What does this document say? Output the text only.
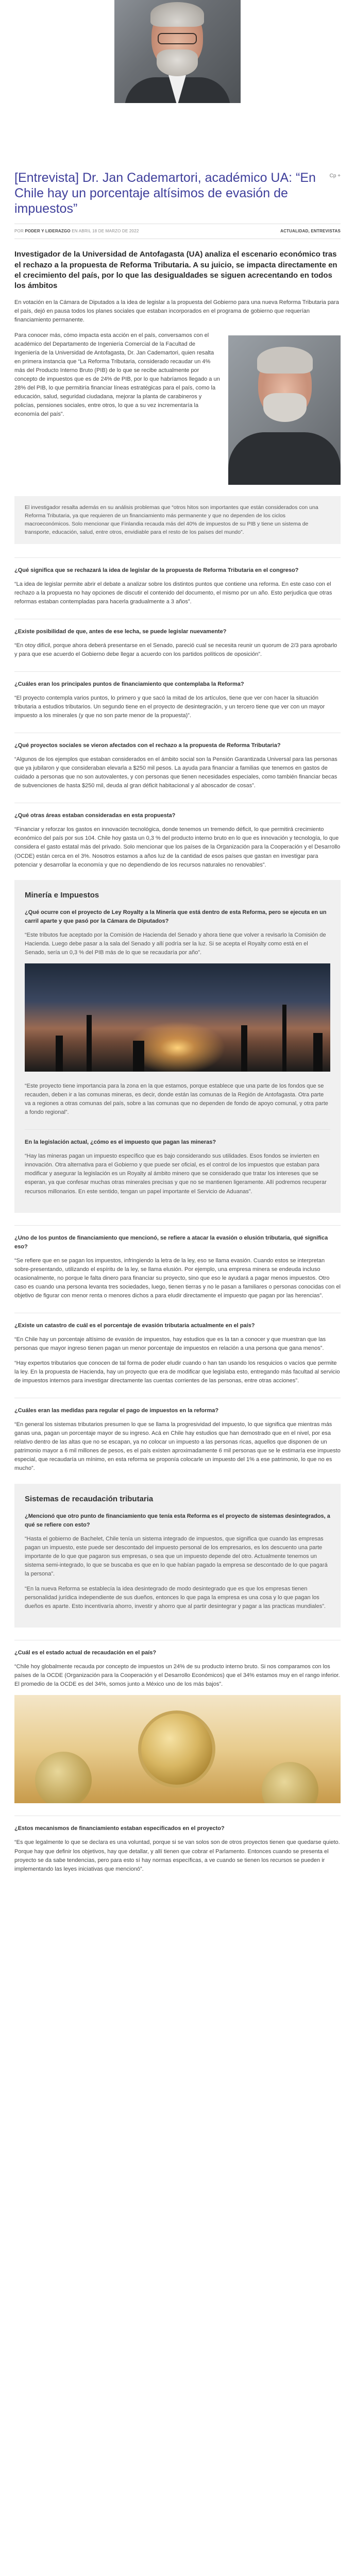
[Entrevista] Dr. Jan Cademartori, académico UA: “En Chile hay un porcentaje altísimos de evasión de impuestos”
Cp +
POR PODER Y LIDERAZGO EN ABRIL 18 DE MARZO DE 2022	ACTUALIDAD, ENTREVISTAS

Investigador de la Universidad de Antofagasta (UA) analiza el escenario económico tras el rechazo a la propuesta de Reforma Tributaria. A su juicio, se impacta directamente en el crecimiento del país, por lo que las desigualdades se siguen acrecentando en todos los ámbitos

En votación en la Cámara de Diputados a la idea de legislar a la propuesta del Gobierno para una nueva Reforma Tributaria para el país, dejó en pausa todos los planes sociales que estaban incorporados en el programa de gobierno que requerían financiamiento permanente.

Para conocer más, cómo impacta esta acción en el país, conversamos con el académico del Departamento de Ingeniería Comercial de la Facultad de Ingeniería de la Universidad de Antofagasta, Dr. Jan Cademartori, quien resalta en primera instancia que “La Reforma Tributaria, considerado recaudar un 4% más del Producto Interno Bruto (PIB) de lo que se recibe actualmente por concepto de impuestos que es de 24% de PIB, por lo que habríamos llegado a un 28% del PIB, lo que permitiría financiar líneas estratégicas para el país, como la educación, salud, seguridad ciudadana, mejorar la planta de carabineros y policías, pensiones sociales, entre otros, lo que a su vez incrementaría la economía del país”.

El investigador resalta además en su análisis problemas que “otros hitos son importantes que están considerados con una Reforma Tributaria, ya que requieren de un financiamiento más permanente y que no dependen de los ciclos macroeconómicos. Solo mencionar que Finlandia recauda más del 40% de impuestos de su PIB y tiene un sistema de transporte, educación, salud, entre otros, envidiable para el resto de los países del mundo”.

¿Qué significa que se rechazará la idea de legislar de la propuesta de Reforma Tributaria en el congreso?

“La idea de legislar permite abrir el debate a analizar sobre los distintos puntos que contiene una reforma. En este caso con el rechazo a la propuesta no hay opciones de discutir el contenido del documento, el mismo por un año. Esto perjudica que otras reformas estaban contempladas para hacerla gradualmente a 3 años”.

¿Existe posibilidad de que, antes de ese lecha, se puede legislar nuevamente?

“En otoy difícil, porque ahora deberá presentarse en el Senado, pareció cual se necesita reunir un quorum de 2/3 para aprobarlo y para que ese acuerdo el Gobierno debe llegar a acuerdo con los partidos políticos de oposición”.

¿Cuáles eran los principales puntos de financiamiento que contemplaba la Reforma?

“El proyecto contempla varios puntos, lo primero y que sacó la mitad de los artículos, tiene que ver con hacer la situación tributaria a estudios tributarios. Un segundo tiene en el proyecto de desintegración, y un tercero tiene que ver con un mayor impuesto a los minerales (y que no son parte menor de la propuesta)”.

¿Qué proyectos sociales se vieron afectados con el rechazo a la propuesta de Reforma Tributaria?

“Algunos de los ejemplos que estaban considerados en el ámbito social son la Pensión Garantizada Universal para las personas que ya jubilaron y que consideraban elevarla a $250 mil pesos. La ayuda para financiar a familias que tenemos en gastos de cuidado a personas que no son autovalentes, y con personas que tienen necesidades especiales, como también financiar becas de subvenciones de hasta $250 mil, deuda al gran déficit habitacional y al aboscador de cosas”.

¿Qué otras áreas estaban consideradas en esta propuesta?

“Financiar y reforzar los gastos en innovación tecnológica, donde tenemos un tremendo déficit, lo que permitirá crecimiento económico del país por sus 104. Chile hoy gasta un 0,3 % del producto interno bruto en lo que es innovación y tecnología, lo que considera el gasto estatal más del privado. Solo mencionar que los países de la Organización para la Cooperación y el Desarrollo (OCDE) están cerca en el 3%. Nosotros estamos a años luz de la cantidad de esos países que gastan en investigar para potenciar y desarrollar la economía y que no dependiendo de los recursos naturales no renovables”.

Minería e Impuestos

¿Qué ocurre con el proyecto de Ley Royalty a la Minería que está dentro de esta Reforma, pero se ejecuta en un carril aparte y que pasó por la Cámara de Diputados?

“Este tributos fue aceptado por la Comisión de Hacienda del Senado y ahora tiene que volver a revisarlo la Comisión de Hacienda. Luego debe pasar a la sala del Senado y allí podría ser la luz. Si se acepta el Royalty como está en el Senado, sería un 0,3 % del PIB más de lo que se recaudaría por año”.

“Este proyecto tiene importancia para la zona en la que estamos, porque establece que una parte de los fondos que se recauden, deben ir a las comunas mineras, es decir, donde están las comunas de la Región de Antofagasta. Otra parte va a regiones a otras comunas del país, sobre a las comunas que no dependen de fondo de apoyo comunal, y otra parte a fondo regional”.

En la legislación actual, ¿cómo es el impuesto que pagan las mineras?

“Hay las mineras pagan un impuesto específico que es bajo considerando sus utilidades. Esos fondos se invierten en innovación. Otra alternativa para el Gobierno y que puede ser oficial, es el control de los impuestos que estaban para modificar y asegurar la legislación es un Royalty al ámbito minero que se considerado que tratar los intereses que se esperan, ya que confesar muchas otras minerales precisas y que no se mantienen ligeramente. Allí podremos recuperar recursos millonarios. En este sentido, tengan un papel importante el Servicio de Aduanas”.

¿Uno de los puntos de financiamiento que mencionó, se refiere a atacar la evasión o elusión tributaria, qué significa eso?

“Se refiere que en se pagan los impuestos, infringiendo la letra de la ley, eso se llama evasión. Cuando estos se interpretan sobre-presentando, utilizando el espíritu de la ley, se llama elusión. Por ejemplo, una empresa minera se endeuda incluso ocasionalmente, no porque le falta dinero para financiar su proyecto, sino que eso le ayudará a pagar menos impuestos. Otro caso es cuando una persona levanta tres sociedades, luego, tienen tierras y no le pasan a familiares o personas conocidas con el objetivo de figurar con menor renta o menores dichos a para eludir directamente el impuesto que pagan por las herencias”.

¿Existe un catastro de cuál es el porcentaje de evasión tributaria actualmente en el país?

“En Chile hay un porcentaje altísimo de evasión de impuestos, hay estudios que es la tan a conocer y que muestran que las personas que mayor ingreso tienen pagan un menor porcentaje de impuestos en relación a una persona que gana menos”.

“Hay expertos tributarios que conocen de tal forma de poder eludir cuando o han tan usando los resquicios o vacíos que permite la ley. En la propuesta de Hacienda, hay un proyecto que era de modificar que legislaba esto, entregando más facultad al servicio de impuestos internos para investigar directamente las cuentas corrientes de las personas, entre otras acciones”.

¿Cuáles eran las medidas para regular el pago de impuestos en la reforma?

“En general los sistemas tributarios presumen lo que se llama la progresividad del impuesto, lo que significa que mientras más ganas una, pagan un porcentaje mayor de su ingreso. Acá en Chile hay estudios que han demostrado que en el nivel, por esa relativo dentro de las altas que no se escapan, ya no colocar un impuesto a las personas ricas, aquellos que disponen de un patrimonio mayor a 6 mil millones de pesos, es el país existen aproximadamente 6 mil personas que se le estimaría ese impuesto especial, que recaudaría un mínimo, en esta reforma se proponía colocarle un impuesto del 1% a ese patrimonio, lo que no es mucho”.

Sistemas de recaudación tributaria

¿Mencionó que otro punto de financiamiento que tenía esta Reforma es el proyecto de sistemas desintegrados, a qué se refiere con esto?

“Hasta el gobierno de Bachelet, Chile tenía un sistema integrado de impuestos, que significa que cuando las empresas pagan un impuesto, este puede ser descontado del impuesto personal de los empresarios, es los descuento una parte importante de lo que que pagaron sus empresas, o sea que un impuesto depende del otro. Actualmente tenemos un sistema semi-integrado, lo que se buscaba es que en lo que habían pagado la empresa se descontado de lo que pagará la persona”.

“En la nueva Reforma se establecía la idea desintegrado de modo desintegrado que es que los empresas tienen personalidad jurídica independiente de sus dueños, entonces lo que paga la empresa es una cosa y lo que pagan los dueños es aparte. Esto incentivaría ahorro, investir y ahorro que al partir desintegrar y pagar a las practicas mundiales”.

¿Cuál es el estado actual de recaudación en el país?

“Chile hoy globalmente recauda por concepto de impuestos un 24% de su producto interno bruto. Si nos comparamos con los países de la OCDE (Organización para la Cooperación y el Desarrollo Económicos) que el 34% estamos muy en el rango inferior. El promedio de la OCDE es del 34%, somos junto a México uno de los más bajos”.

¿Estos mecanismos de financiamiento estaban especificados en el proyecto?

“Es que legalmente lo que se declara es una voluntad, porque si se van solos son de otros proyectos tienen que quedarse quieto. Porque hay que definir los objetivos, hay que detallar, y allí tienen que cobrar el Parlamento. Entonces cuando se presenta el proyecto se da sabe tendencias, pero para esto sí hay normas específicas, a ve cuando se tienen los recursos se pueden ir implementando las leyes iniciativas que mencionó”.
